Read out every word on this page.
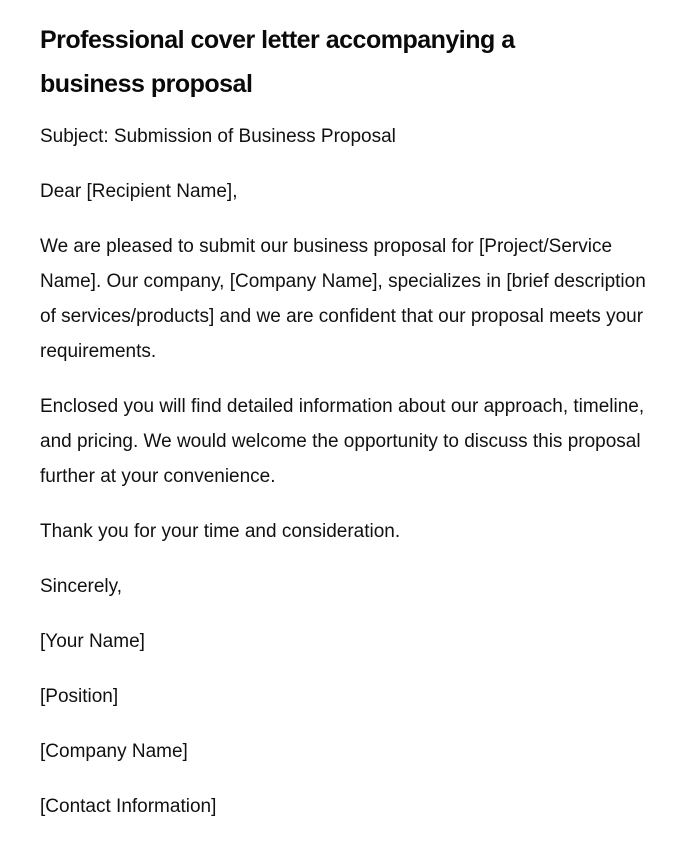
Professional cover letter accompanying a business proposal

Subject: Submission of Business Proposal

Dear [Recipient Name],

We are pleased to submit our business proposal for [Project/Service Name]. Our company, [Company Name], specializes in [brief description of services/products] and we are confident that our proposal meets your requirements.

Enclosed you will find detailed information about our approach, timeline, and pricing. We would welcome the opportunity to discuss this proposal further at your convenience.

Thank you for your time and consideration.

Sincerely,

[Your Name]

[Position]

[Company Name]

[Contact Information]
